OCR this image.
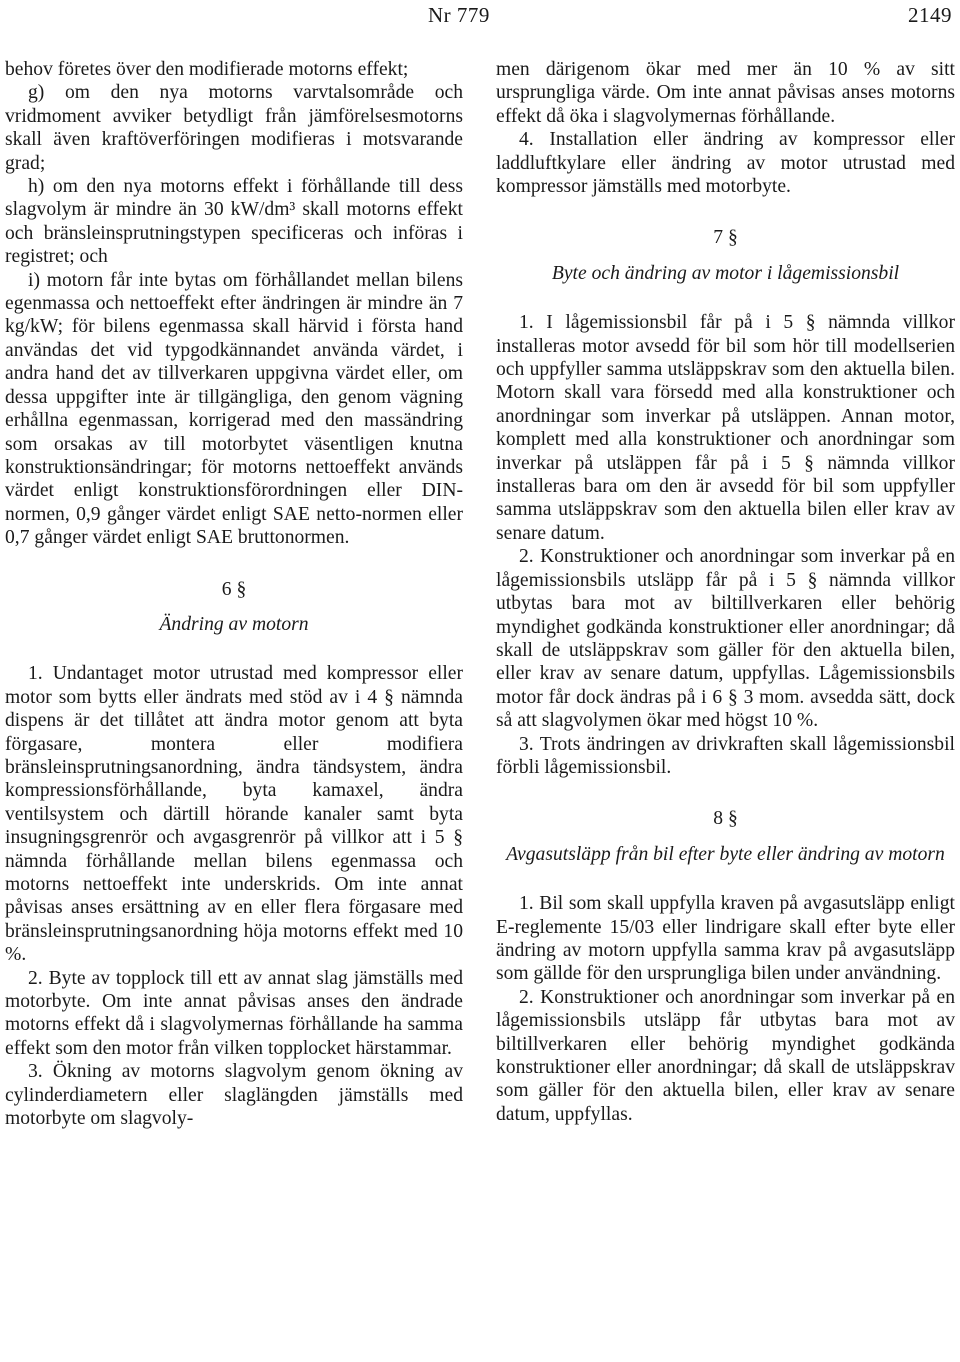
Nr 779	2149

behov företes över den modifierade motorns effekt;

g) om den nya motorns varvtalsområde och vridmoment avviker betydligt från jämförelsesmotorns skall även kraftöverföringen modifieras i motsvarande grad;

h) om den nya motorns effekt i förhållande till dess slagvolym är mindre än 30 kW/dm³ skall motorns effekt och bränsleinsprutningstypen specificeras och införas i registret; och

i) motorn får inte bytas om förhållandet mellan bilens egenmassa och nettoeffekt efter ändringen är mindre än 7 kg/kW; för bilens egenmassa skall härvid i första hand användas det vid typgodkännandet använda värdet, i andra hand det av tillverkaren uppgivna värdet eller, om dessa uppgifter inte är tillgängliga, den genom vägning erhållna egenmassan, korrigerad med den massändring som orsakas av till motorbytet väsentligen knutna konstruktionsändringar; för motorns nettoeffekt används värdet enligt konstruktionsförordningen eller DIN-normen, 0,9 gånger värdet enligt SAE netto-normen eller 0,7 gånger värdet enligt SAE bruttonormen.

6 §

Ändring av motorn

1. Undantaget motor utrustad med kompressor eller motor som bytts eller ändrats med stöd av i 4 § nämnda dispens är det tillåtet att ändra motor genom att byta förgasare, montera eller modifiera bränsleinsprutningsanordning, ändra tändsystem, ändra kompressionsförhållande, byta kamaxel, ändra ventilsystem och därtill hörande kanaler samt byta insugningsgrenrör och avgasgrenrör på villkor att i 5 § nämnda förhållande mellan bilens egenmassa och motorns nettoeffekt inte underskrids. Om inte annat påvisas anses ersättning av en eller flera förgasare med bränsleinsprutningsanordning höja motorns effekt med 10 %.

2. Byte av topplock till ett av annat slag jämställs med motorbyte. Om inte annat påvisas anses den ändrade motorns effekt då i slagvolymernas förhållande ha samma effekt som den motor från vilken topplocket härstammar.

3. Ökning av motorns slagvolym genom ökning av cylinderdiametern eller slaglängden jämställs med motorbyte om slagvoly-

men därigenom ökar med mer än 10 % av sitt ursprungliga värde. Om inte annat påvisas anses motorns effekt då öka i slagvolymernas förhållande.

4. Installation eller ändring av kompressor eller laddluftkylare eller ändring av motor utrustad med kompressor jämställs med motorbyte.

7 §

Byte och ändring av motor i lågemissionsbil

1. I lågemissionsbil får på i 5 § nämnda villkor installeras motor avsedd för bil som hör till modellserien och uppfyller samma utsläppskrav som den aktuella bilen. Motorn skall vara försedd med alla konstruktioner och anordningar som inverkar på utsläppen. Annan motor, komplett med alla konstruktioner och anordningar som inverkar på utsläppen får på i 5 § nämnda villkor installeras bara om den är avsedd för bil som uppfyller samma utsläppskrav som den aktuella bilen eller krav av senare datum.

2. Konstruktioner och anordningar som inverkar på en lågemissionsbils utsläpp får på i 5 § nämnda villkor utbytas bara mot av biltillverkaren eller behörig myndighet godkända konstruktioner eller anordningar; då skall de utsläppskrav som gäller för den aktuella bilen, eller krav av senare datum, uppfyllas. Lågemissionsbils motor får dock ändras på i 6 § 3 mom. avsedda sätt, dock så att slagvolymen ökar med högst 10 %.

3. Trots ändringen av drivkraften skall lågemissionsbil förbli lågemissionsbil.

8 §

Avgasutsläpp från bil efter byte eller ändring av motorn

1. Bil som skall uppfylla kraven på avgasutsläpp enligt E-reglemente 15/03 eller lindrigare skall efter byte eller ändring av motorn uppfylla samma krav på avgasutsläpp som gällde för den ursprungliga bilen under användning.

2. Konstruktioner och anordningar som inverkar på en lågemissionsbils utsläpp får utbytas bara mot av biltillverkaren eller behörig myndighet godkända konstruktioner eller anordningar; då skall de utsläppskrav som gäller för den aktuella bilen, eller krav av senare datum, uppfyllas.
